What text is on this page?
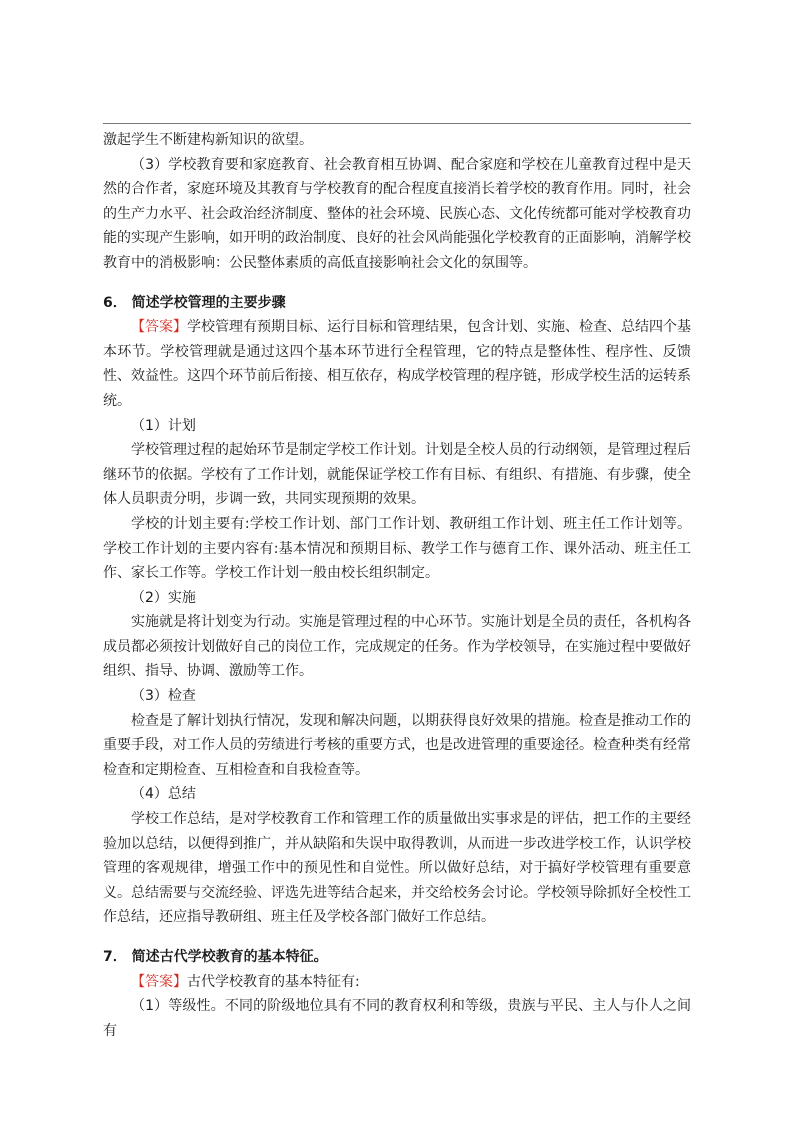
激起学生不断建构新知识的欲望。

（3）学校教育要和家庭教育、社会教育相互协调、配合家庭和学校在儿童教育过程中是天然的合作者，家庭环境及其教育与学校教育的配合程度直接消长着学校的教育作用。同时，社会的生产力水平、社会政治经济制度、整体的社会环境、民族心态、文化传统都可能对学校教育功能的实现产生影响，如开明的政治制度、良好的社会风尚能强化学校教育的正面影响，消解学校教育中的消极影响：公民整体素质的高低直接影响社会文化的氛围等。

6． 简述学校管理的主要步骤

【答案】学校管理有预期目标、运行目标和管理结果，包含计划、实施、检查、总结四个基本环节。学校管理就是通过这四个基本环节进行全程管理，它的特点是整体性、程序性、反馈性、效益性。这四个环节前后衔接、相互依存，构成学校管理的程序链，形成学校生活的运转系统。

（1）计划

学校管理过程的起始环节是制定学校工作计划。计划是全校人员的行动纲领，是管理过程后继环节的依据。学校有了工作计划，就能保证学校工作有目标、有组织、有措施、有步骤，使全体人员职责分明，步调一致，共同实现预期的效果。

学校的计划主要有:学校工作计划、部门工作计划、教研组工作计划、班主任工作计划等。学校工作计划的主要内容有:基本情况和预期目标、教学工作与德育工作、课外活动、班主任工作、家长工作等。学校工作计划一般由校长组织制定。

（2）实施

实施就是将计划变为行动。实施是管理过程的中心环节。实施计划是全员的责任，各机构各成员都必须按计划做好自己的岗位工作，完成规定的任务。作为学校领导，在实施过程中要做好组织、指导、协调、激励等工作。

（3）检查

检查是了解计划执行情况，发现和解决问题，以期获得良好效果的措施。检查是推动工作的重要手段，对工作人员的劳绩进行考核的重要方式，也是改进管理的重要途径。检查种类有经常检查和定期检查、互相检查和自我检查等。

（4）总结

学校工作总结，是对学校教育工作和管理工作的质量做出实事求是的评估，把工作的主要经验加以总结，以便得到推广，并从缺陷和失误中取得教训，从而进一步改进学校工作，认识学校管理的客观规律，增强工作中的预见性和自觉性。所以做好总结，对于搞好学校管理有重要意义。总结需要与交流经验、评选先进等结合起来，并交给校务会讨论。学校领导除抓好全校性工作总结，还应指导教研组、班主任及学校各部门做好工作总结。

7． 简述古代学校教育的基本特征。

【答案】古代学校教育的基本特征有:

（1）等级性。不同的阶级地位具有不同的教育权利和等级，贵族与平民、主人与仆人之间有
